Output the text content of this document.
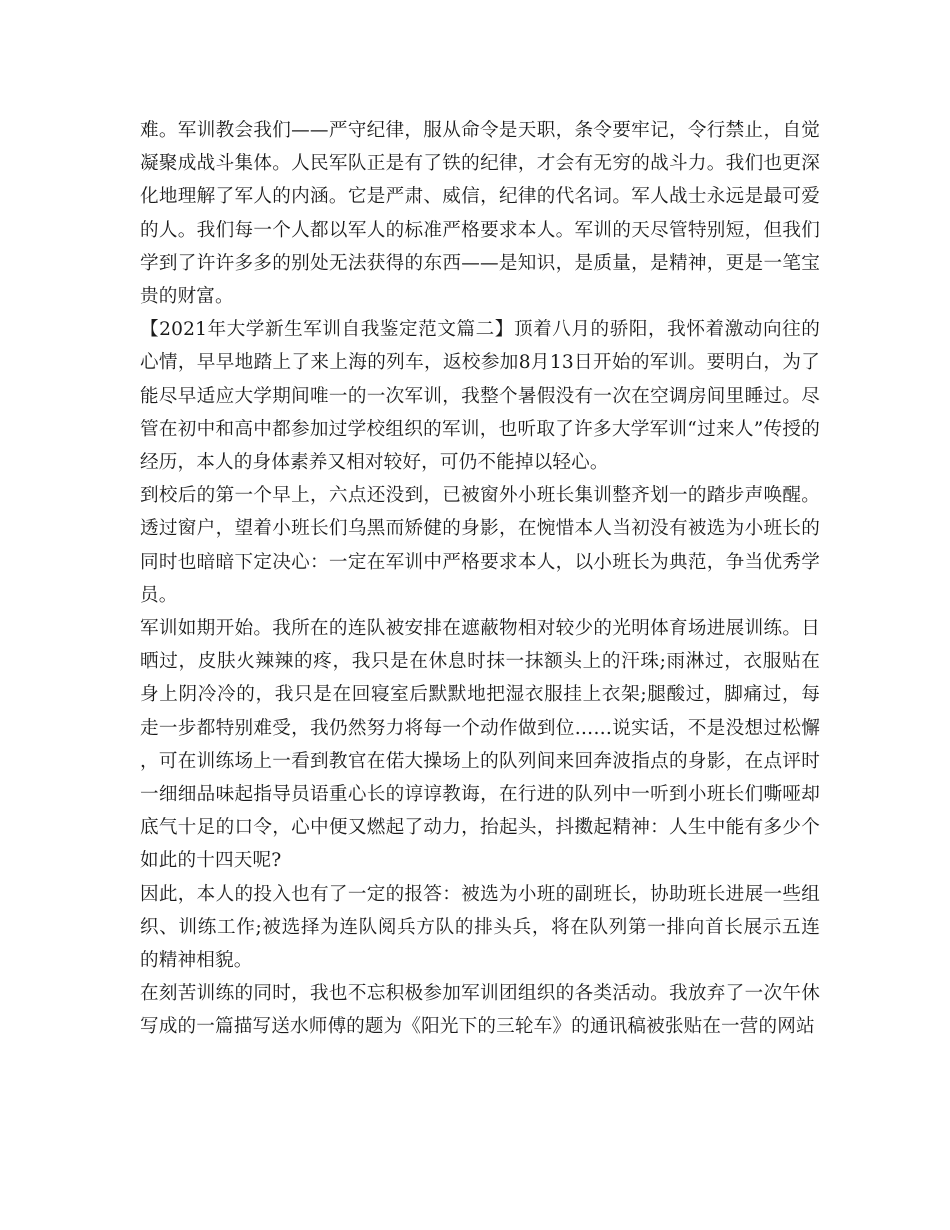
难。军训教会我们——严守纪律，服从命令是天职，条令要牢记，令行禁止，自觉凝聚成战斗集体。人民军队正是有了铁的纪律，才会有无穷的战斗力。我们也更深化地理解了军人的内涵。它是严肃、威信，纪律的代名词。军人战士永远是最可爱的人。我们每一个人都以军人的标准严格要求本人。军训的天尽管特别短，但我们学到了许许多多的别处无法获得的东西——是知识，是质量，是精神，更是一笔宝贵的财富。

【2021年大学新生军训自我鉴定范文篇二】顶着八月的骄阳，我怀着激动向往的心情，早早地踏上了来上海的列车，返校参加8月13日开始的军训。要明白，为了能尽早适应大学期间唯一的一次军训，我整个暑假没有一次在空调房间里睡过。尽管在初中和高中都参加过学校组织的军训，也听取了许多大学军训“过来人”传授的经历，本人的身体素养又相对较好，可仍不能掉以轻心。

到校后的第一个早上，六点还没到，已被窗外小班长集训整齐划一的踏步声唤醒。透过窗户，望着小班长们乌黑而矫健的身影，在惋惜本人当初没有被选为小班长的同时也暗暗下定决心：一定在军训中严格要求本人，以小班长为典范，争当优秀学员。

军训如期开始。我所在的连队被安排在遮蔽物相对较少的光明体育场进展训练。日晒过，皮肤火辣辣的疼，我只是在休息时抹一抹额头上的汗珠;雨淋过，衣服贴在身上阴冷冷的，我只是在回寝室后默默地把湿衣服挂上衣架;腿酸过，脚痛过，每走一步都特别难受，我仍然努力将每一个动作做到位……说实话，不是没想过松懈，可在训练场上一看到教官在偌大操场上的队列间来回奔波指点的身影，在点评时一细细品味起指导员语重心长的谆谆教诲，在行进的队列中一听到小班长们嘶哑却底气十足的口令，心中便又燃起了动力，抬起头，抖擞起精神：人生中能有多少个如此的十四天呢?

因此，本人的投入也有了一定的报答：被选为小班的副班长，协助班长进展一些组织、训练工作;被选择为连队阅兵方队的排头兵，将在队列第一排向首长展示五连的精神相貌。

在刻苦训练的同时，我也不忘积极参加军训团组织的各类活动。我放弃了一次午休写成的一篇描写送水师傅的题为《阳光下的三轮车》的通讯稿被张贴在一营的网站
